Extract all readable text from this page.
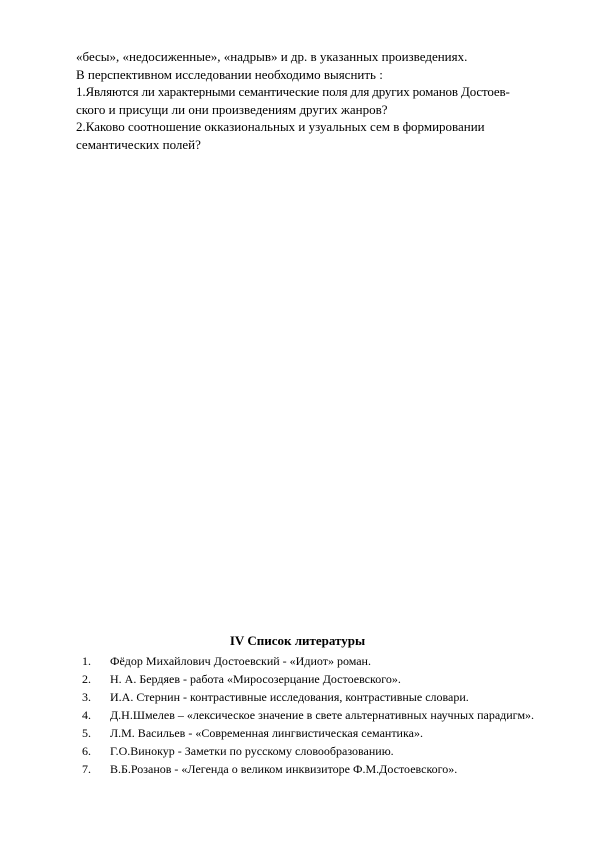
«бесы», «недосиженные», «надрыв» и др. в указанных произведениях.
В перспективном исследовании необходимо выяснить :
1.Являются ли характерными семантические поля для других романов Достоев-
ского и присущи ли они произведениям других жанров?
2.Каково соотношение окказиональных и узуальных сем в формировании
семантических полей?
IV Список литературы
1. Фёдор Михайлович Достоевский - «Идиот» роман.
2. Н. А. Бердяев - работа «Миросозерцание Достоевского».
3. И.А. Стернин - контрастивные исследования, контрастивные словари.
4. Д.Н.Шмелев – «лексическое значение в свете альтернативных научных парадигм».
5. Л.М. Васильев - «Современная лингвистическая семантика».
6. Г.О.Винокур - Заметки по русскому словообразованию.
7. В.Б.Розанов - «Легенда о великом инквизиторе Ф.М.Достоевского».
